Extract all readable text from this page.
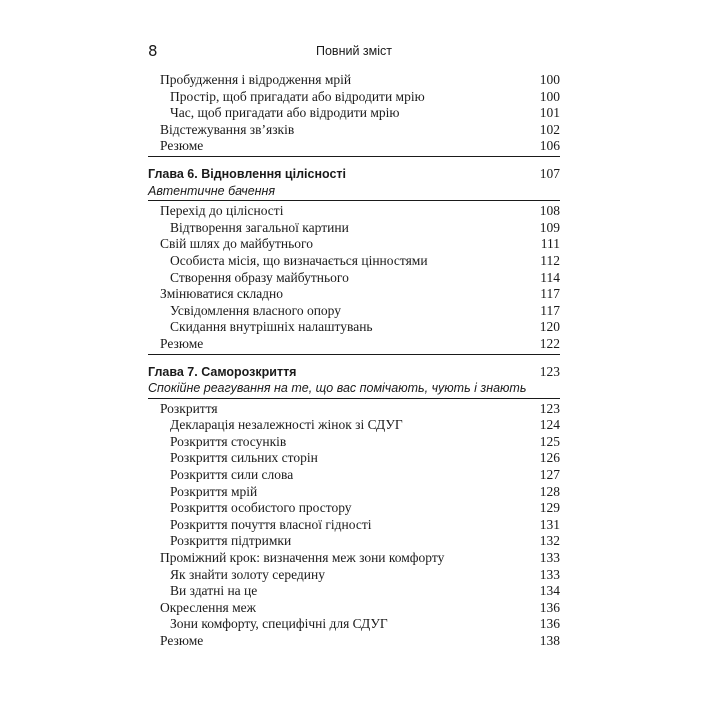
8	Повний зміст
Пробудження і відродження мрій	100
Простір, щоб пригадати або відродити мрію	100
Час, щоб пригадати або відродити мрію	101
Відстежування зв’язків	102
Резюме	106
Глава 6. Відновлення цілісності	107
Автентичне бачення
Перехід до цілісності	108
Відтворення загальної картини	109
Свій шлях до майбутнього	111
Особиста місія, що визначається цінностями	112
Створення образу майбутнього	114
Змінюватися складно	117
Усвідомлення власного опору	117
Скидання внутрішніх налаштувань	120
Резюме	122
Глава 7. Саморозкриття	123
Спокійне реагування на те, що вас помічають, чують і знають
Розкриття	123
Декларація незалежності жінок зі СДУГ	124
Розкриття стосунків	125
Розкриття сильних сторін	126
Розкриття сили слова	127
Розкриття мрій	128
Розкриття особистого простору	129
Розкриття почуття власної гідності	131
Розкриття підтримки	132
Проміжний крок: визначення меж зони комфорту	133
Як знайти золоту середину	133
Ви здатні на це	134
Окреслення меж	136
Зони комфорту, специфічні для СДУГ	136
Резюме	138
